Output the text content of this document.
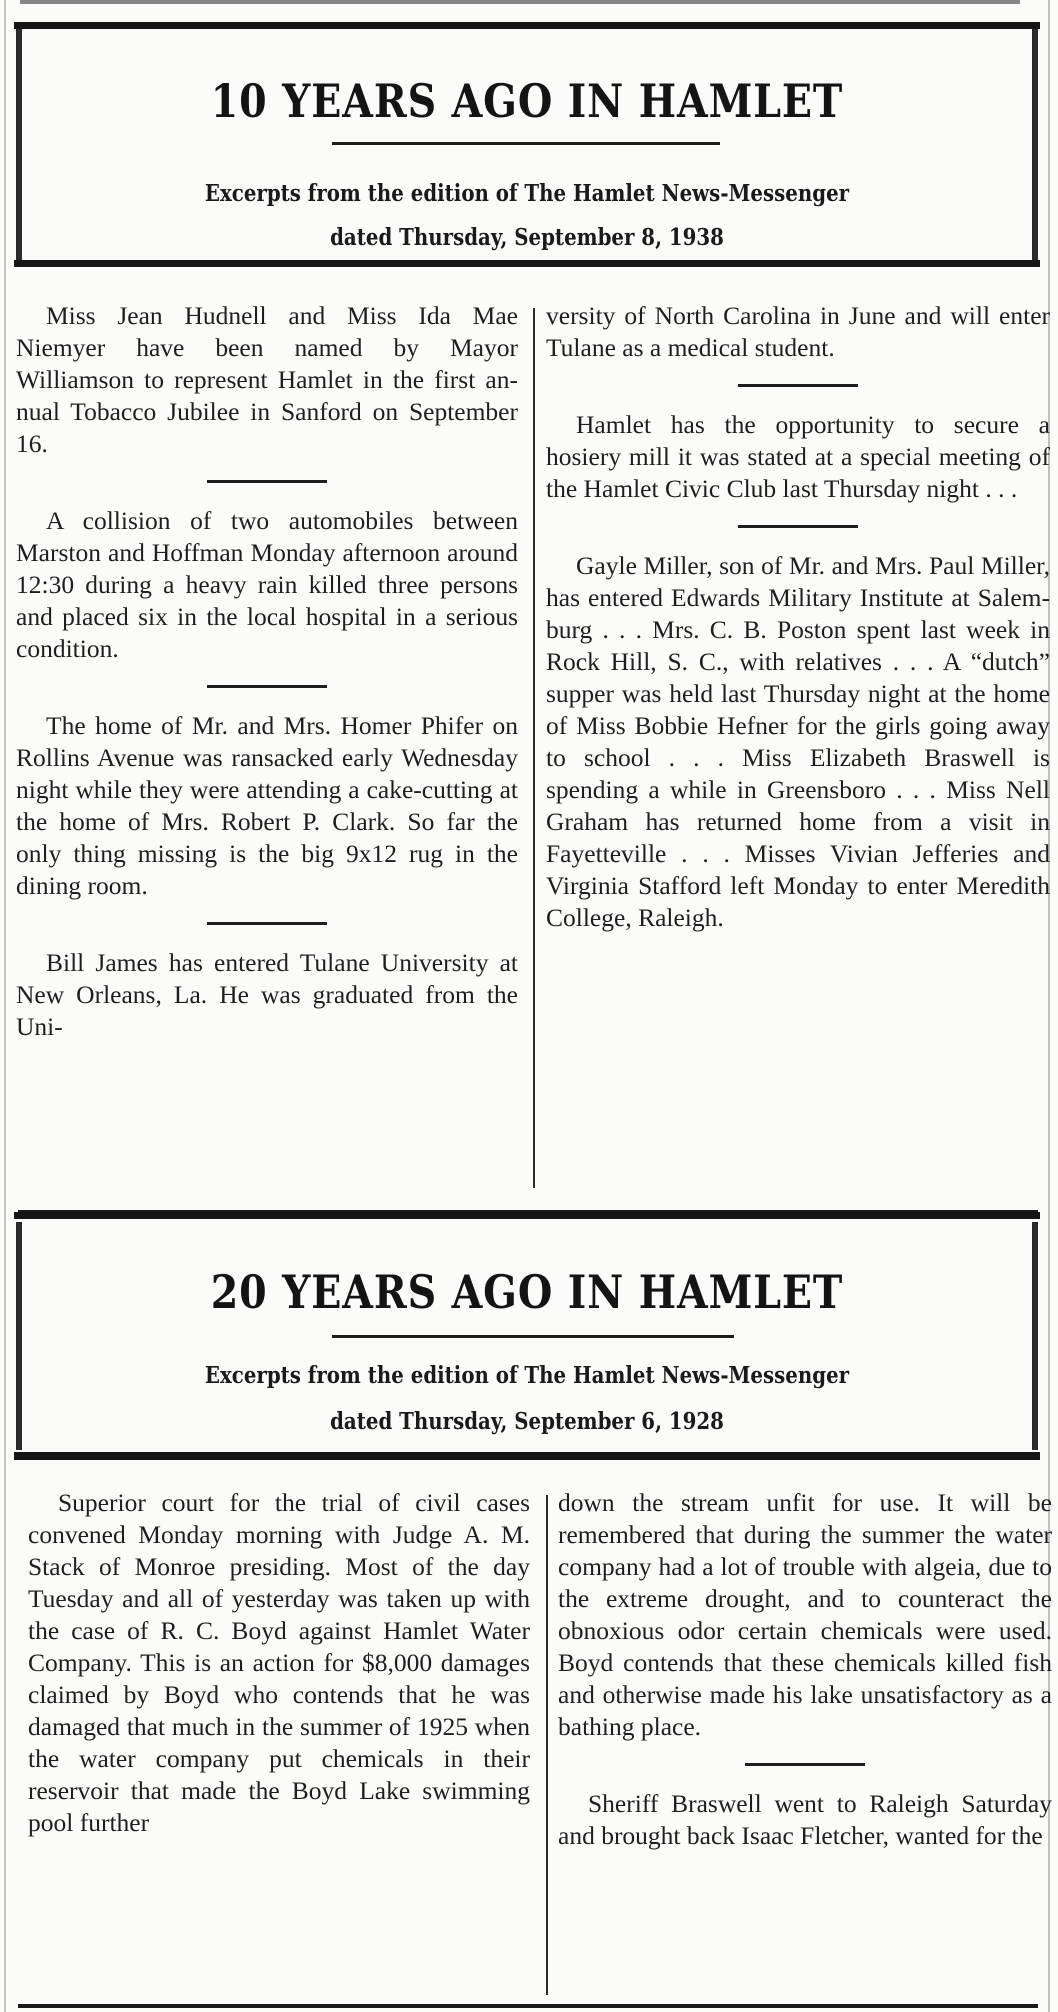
10 YEARS AGO IN HAMLET
Excerpts from the edition of The Hamlet News-Messenger
dated Thursday, September 8, 1938

Miss Jean Hudnell and Miss Ida Mae Niemyer have been named by Mayor Williamson to represent Hamlet in the first annual Tobacco Jubilee in Sanford on September 16.

A collision of two automobiles between Marston and Hoffman Monday afternoon around 12:30 during a heavy rain killed three persons and placed six in the local hospital in a serious condition.

The home of Mr. and Mrs. Homer Phifer on Rollins Avenue was ransacked early Wednesday night while they were attending a cake-cutting at the home of Mrs. Robert P. Clark. So far the only thing missing is the big 9x12 rug in the dining room.

Bill James has entered Tulane University at New Orleans, La. He was graduated from the Uni-

versity of North Carolina in June and will enter Tulane as a medical student.

Hamlet has the opportunity to secure a hosiery mill it was stated at a special meeting of the Hamlet Civic Club last Thursday night . . .

Gayle Miller, son of Mr. and Mrs. Paul Miller, has entered Edwards Military Institute at Salemburg . . . Mrs. C. B. Poston spent last week in Rock Hill, S. C., with relatives . . . A “dutch” supper was held last Thursday night at the home of Miss Bobbie Hefner for the girls going away to school . . . Miss Elizabeth Braswell is spending a while in Greensboro . . . Miss Nell Graham has returned home from a visit in Fayetteville . . . Misses Vivian Jefferies and Virginia Stafford left Monday to enter Meredith College, Raleigh.

20 YEARS AGO IN HAMLET
Excerpts from the edition of The Hamlet News-Messenger
dated Thursday, September 6, 1928

Superior court for the trial of civil cases convened Monday morning with Judge A. M. Stack of Monroe presiding. Most of the day Tuesday and all of yesterday was taken up with the case of R. C. Boyd against Hamlet Water Company. This is an action for $8,000 damages claimed by Boyd who contends that he was damaged that much in the summer of 1925 when the water company put chemicals in their reservoir that made the Boyd Lake swimming pool further

down the stream unfit for use. It will be remembered that during the summer the water company had a lot of trouble with algeia, due to the extreme drought, and to counteract the obnoxious odor certain chemicals were used. Boyd contends that these chemicals killed fish and otherwise made his lake unsatisfactory as a bathing place.

Sheriff Braswell went to Raleigh Saturday and brought back Isaac Fletcher, wanted for the
